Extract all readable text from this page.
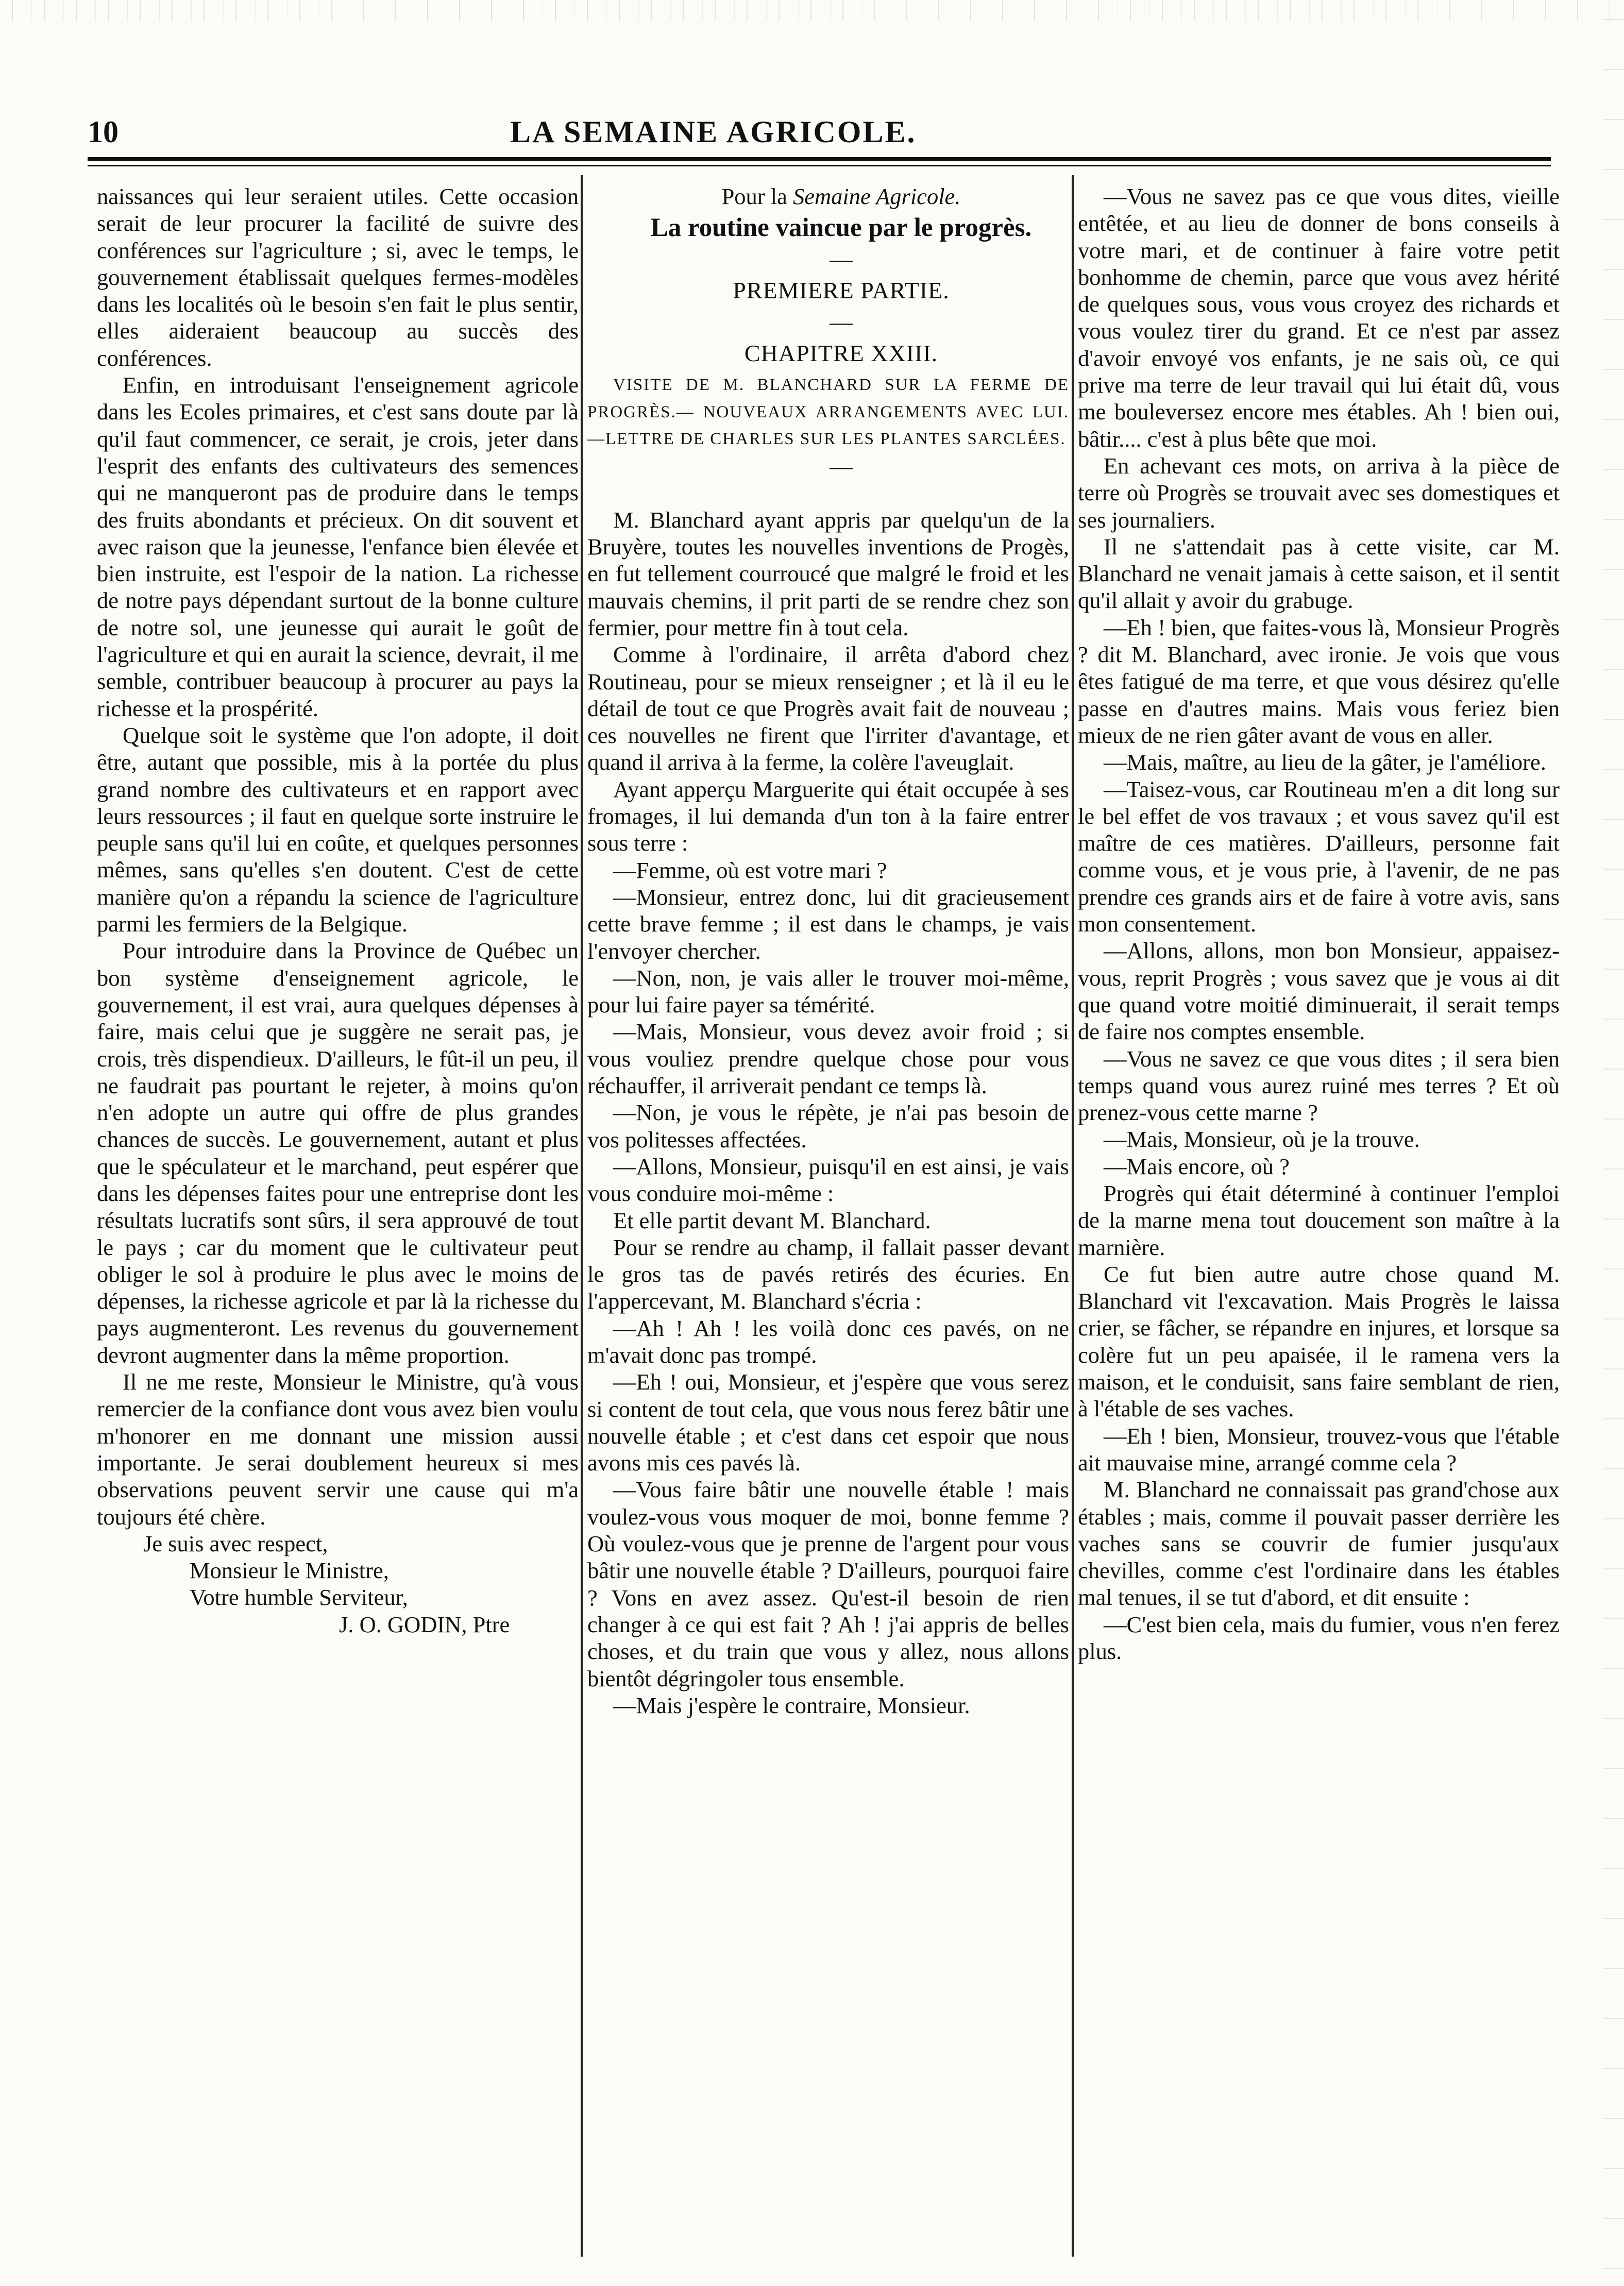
10	LA SEMAINE AGRICOLE.

naissances qui leur seraient utiles. Cette occasion serait de leur procurer la facilité de suivre des conférences sur l'agriculture ; si, avec le temps, le gouvernement établissait quelques fermes-modèles dans les localités où le besoin s'en fait le plus sentir, elles aideraient beaucoup au succès des conférences.

Enfin, en introduisant l'enseignement agricole dans les Ecoles primaires, et c'est sans doute par là qu'il faut commencer, ce serait, je crois, jeter dans l'esprit des enfants des cultivateurs des semences qui ne manqueront pas de produire dans le temps des fruits abondants et précieux. On dit souvent et avec raison que la jeunesse, l'enfance bien élevée et bien instruite, est l'espoir de la nation. La richesse de notre pays dépendant surtout de la bonne culture de notre sol, une jeunesse qui aurait le goût de l'agriculture et qui en aurait la science, devrait, il me semble, contribuer beaucoup à procurer au pays la richesse et la prospérité.

Quelque soit le système que l'on adopte, il doit être, autant que possible, mis à la portée du plus grand nombre des cultivateurs et en rapport avec leurs ressources ; il faut en quelque sorte instruire le peuple sans qu'il lui en coûte, et quelques personnes mêmes, sans qu'elles s'en doutent. C'est de cette manière qu'on a répandu la science de l'agriculture parmi les fermiers de la Belgique.

Pour introduire dans la Province de Québec un bon système d'enseignement agricole, le gouvernement, il est vrai, aura quelques dépenses à faire, mais celui que je suggère ne serait pas, je crois, très dispendieux. D'ailleurs, le fût-il un peu, il ne faudrait pas pourtant le rejeter, à moins qu'on n'en adopte un autre qui offre de plus grandes chances de succès. Le gouvernement, autant et plus que le spéculateur et le marchand, peut espérer que dans les dépenses faites pour une entreprise dont les résultats lucratifs sont sûrs, il sera approuvé de tout le pays ; car du moment que le cultivateur peut obliger le sol à produire le plus avec le moins de dépenses, la richesse agricole et par là la richesse du pays augmenteront. Les revenus du gouvernement devront augmenter dans la même proportion.

Il ne me reste, Monsieur le Ministre, qu'à vous remercier de la confiance dont vous avez bien voulu m'honorer en me donnant une mission aussi importante. Je serai doublement heureux si mes observations peuvent servir une cause qui m'a toujours été chère.

Je suis avec respect,

Monsieur le Ministre,

Votre humble Serviteur,

J. O. GODIN, Ptre

Pour la Semaine Agricole.

La routine vaincue par le progrès.

—

PREMIERE PARTIE.

—

CHAPITRE XXIII.

VISITE DE M. BLANCHARD SUR LA FERME DE PROGRÈS.— NOUVEAUX ARRANGEMENTS AVEC LUI.—LETTRE DE CHARLES SUR LES PLANTES SARCLÉES.

—

M. Blanchard ayant appris par quelqu'un de la Bruyère, toutes les nouvelles inventions de Progès, en fut tellement courroucé que malgré le froid et les mauvais chemins, il prit parti de se rendre chez son fermier, pour mettre fin à tout cela.

Comme à l'ordinaire, il arrêta d'abord chez Routineau, pour se mieux renseigner ; et là il eu le détail de tout ce que Progrès avait fait de nouveau ; ces nouvelles ne firent que l'irriter d'avantage, et quand il arriva à la ferme, la colère l'aveuglait.

Ayant apperçu Marguerite qui était occupée à ses fromages, il lui demanda d'un ton à la faire entrer sous terre :

—Femme, où est votre mari ?

—Monsieur, entrez donc, lui dit gracieusement cette brave femme ; il est dans le champs, je vais l'envoyer chercher.

—Non, non, je vais aller le trouver moi-même, pour lui faire payer sa témérité.

—Mais, Monsieur, vous devez avoir froid ; si vous vouliez prendre quelque chose pour vous réchauffer, il arriverait pendant ce temps là.

—Non, je vous le répète, je n'ai pas besoin de vos politesses affectées.

—Allons, Monsieur, puisqu'il en est ainsi, je vais vous conduire moi-même :

Et elle partit devant M. Blanchard.

Pour se rendre au champ, il fallait passer devant le gros tas de pavés retirés des écuries. En l'appercevant, M. Blanchard s'écria :

—Ah ! Ah ! les voilà donc ces pavés, on ne m'avait donc pas trompé.

—Eh ! oui, Monsieur, et j'espère que vous serez si content de tout cela, que vous nous ferez bâtir une nouvelle étable ; et c'est dans cet espoir que nous avons mis ces pavés là.

—Vous faire bâtir une nouvelle étable ! mais voulez-vous vous moquer de moi, bonne femme ? Où voulez-vous que je prenne de l'argent pour vous bâtir une nouvelle étable ? D'ailleurs, pourquoi faire ? Vons en avez assez. Qu'est-il besoin de rien changer à ce qui est fait ? Ah ! j'ai appris de belles choses, et du train que vous y allez, nous allons bientôt dégringoler tous ensemble.

—Mais j'espère le contraire, Monsieur.

—Vous ne savez pas ce que vous dites, vieille entêtée, et au lieu de donner de bons conseils à votre mari, et de continuer à faire votre petit bonhomme de chemin, parce que vous avez hérité de quelques sous, vous vous croyez des richards et vous voulez tirer du grand. Et ce n'est par assez d'avoir envoyé vos enfants, je ne sais où, ce qui prive ma terre de leur travail qui lui était dû, vous me bouleversez encore mes étables. Ah ! bien oui, bâtir.... c'est à plus bête que moi.

En achevant ces mots, on arriva à la pièce de terre où Progrès se trouvait avec ses domestiques et ses journaliers.

Il ne s'attendait pas à cette visite, car M. Blanchard ne venait jamais à cette saison, et il sentit qu'il allait y avoir du grabuge.

—Eh ! bien, que faites-vous là, Monsieur Progrès ? dit M. Blanchard, avec ironie. Je vois que vous êtes fatigué de ma terre, et que vous désirez qu'elle passe en d'autres mains. Mais vous feriez bien mieux de ne rien gâter avant de vous en aller.

—Mais, maître, au lieu de la gâter, je l'améliore.

—Taisez-vous, car Routineau m'en a dit long sur le bel effet de vos travaux ; et vous savez qu'il est maître de ces matières. D'ailleurs, personne fait comme vous, et je vous prie, à l'avenir, de ne pas prendre ces grands airs et de faire à votre avis, sans mon consentement.

—Allons, allons, mon bon Monsieur, appaisez-vous, reprit Progrès ; vous savez que je vous ai dit que quand votre moitié diminuerait, il serait temps de faire nos comptes ensemble.

—Vous ne savez ce que vous dites ; il sera bien temps quand vous aurez ruiné mes terres ? Et où prenez-vous cette marne ?

—Mais, Monsieur, où je la trouve.

—Mais encore, où ?

Progrès qui était déterminé à continuer l'emploi de la marne mena tout doucement son maître à la marnière.

Ce fut bien autre autre chose quand M. Blanchard vit l'excavation. Mais Progrès le laissa crier, se fâcher, se répandre en injures, et lorsque sa colère fut un peu apaisée, il le ramena vers la maison, et le conduisit, sans faire semblant de rien, à l'étable de ses vaches.

—Eh ! bien, Monsieur, trouvez-vous que l'étable ait mauvaise mine, arrangé comme cela ?

M. Blanchard ne connaissait pas grand'chose aux étables ; mais, comme il pouvait passer derrière les vaches sans se couvrir de fumier jusqu'aux chevilles, comme c'est l'ordinaire dans les étables mal tenues, il se tut d'abord, et dit ensuite :

—C'est bien cela, mais du fumier, vous n'en ferez plus.
